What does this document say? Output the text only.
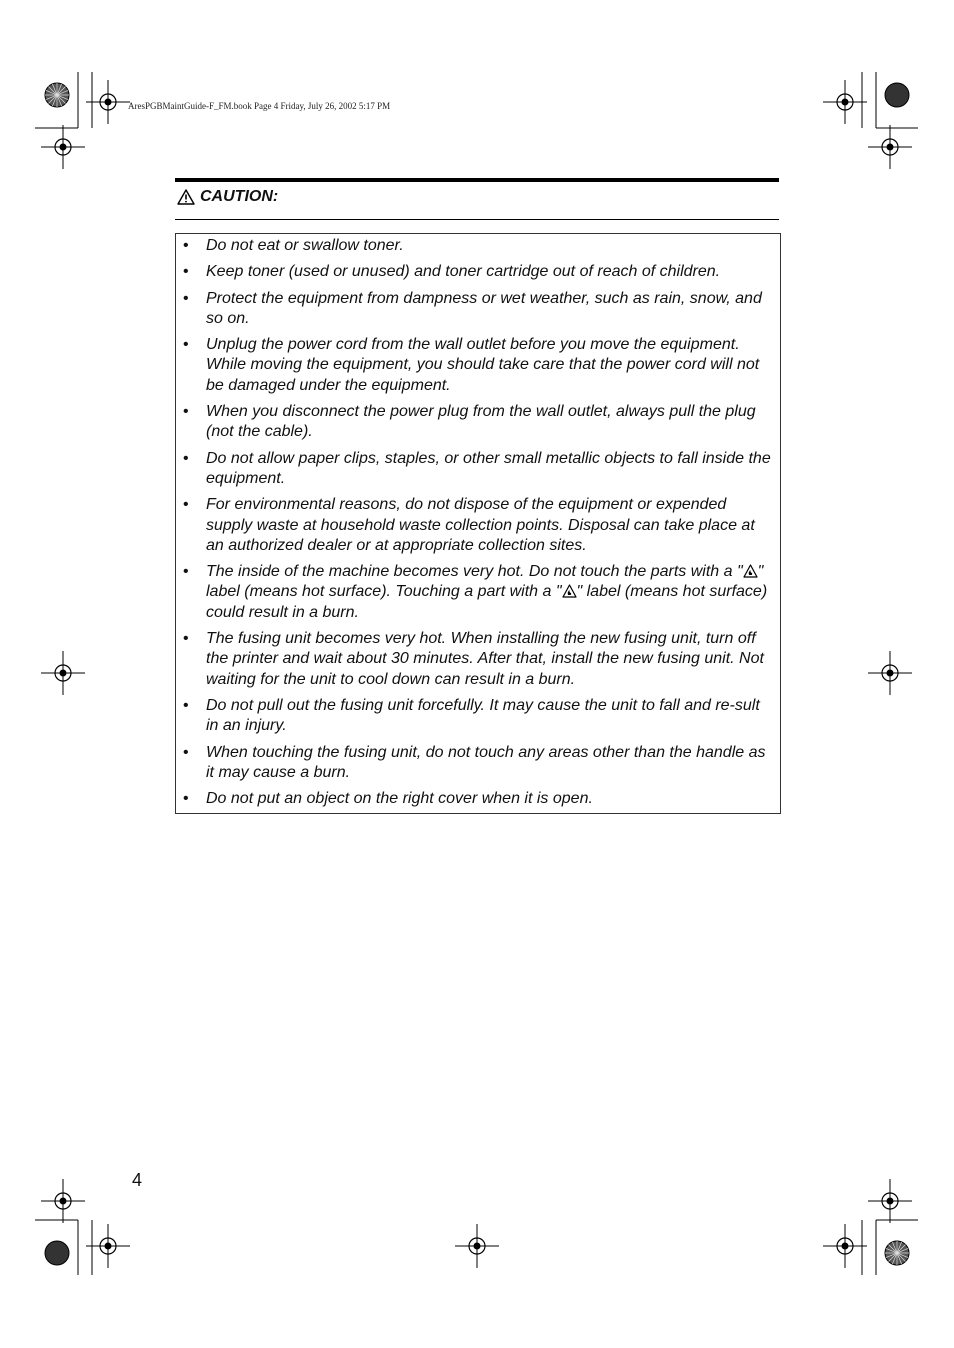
AresPGBMaintGuide-F_FM.book Page 4 Friday, July 26, 2002 5:17 PM
CAUTION:
• Do not eat or swallow toner.
• Keep toner (used or unused) and toner cartridge out of reach of children.
• Protect the equipment from dampness or wet weather, such as rain, snow, and so on.
• Unplug the power cord from the wall outlet before you move the equipment. While moving the equipment, you should take care that the power cord will not be damaged under the equipment.
• When you disconnect the power plug from the wall outlet, always pull the plug (not the cable).
• Do not allow paper clips, staples, or other small metallic objects to fall inside the equipment.
• For environmental reasons, do not dispose of the equipment or expended supply waste at household waste collection points. Disposal can take place at an authorized dealer or at appropriate collection sites.
• The inside of the machine becomes very hot. Do not touch the parts with a " " label (means hot surface). Touching a part with a " " label (means hot surface) could result in a burn.
• The fusing unit becomes very hot. When installing the new fusing unit, turn off the printer and wait about 30 minutes. After that, install the new fusing unit. Not waiting for the unit to cool down can result in a burn.
• Do not pull out the fusing unit forcefully. It may cause the unit to fall and re-sult in an injury.
• When touching the fusing unit, do not touch any areas other than the handle as it may cause a burn.
• Do not put an object on the right cover when it is open.
4
